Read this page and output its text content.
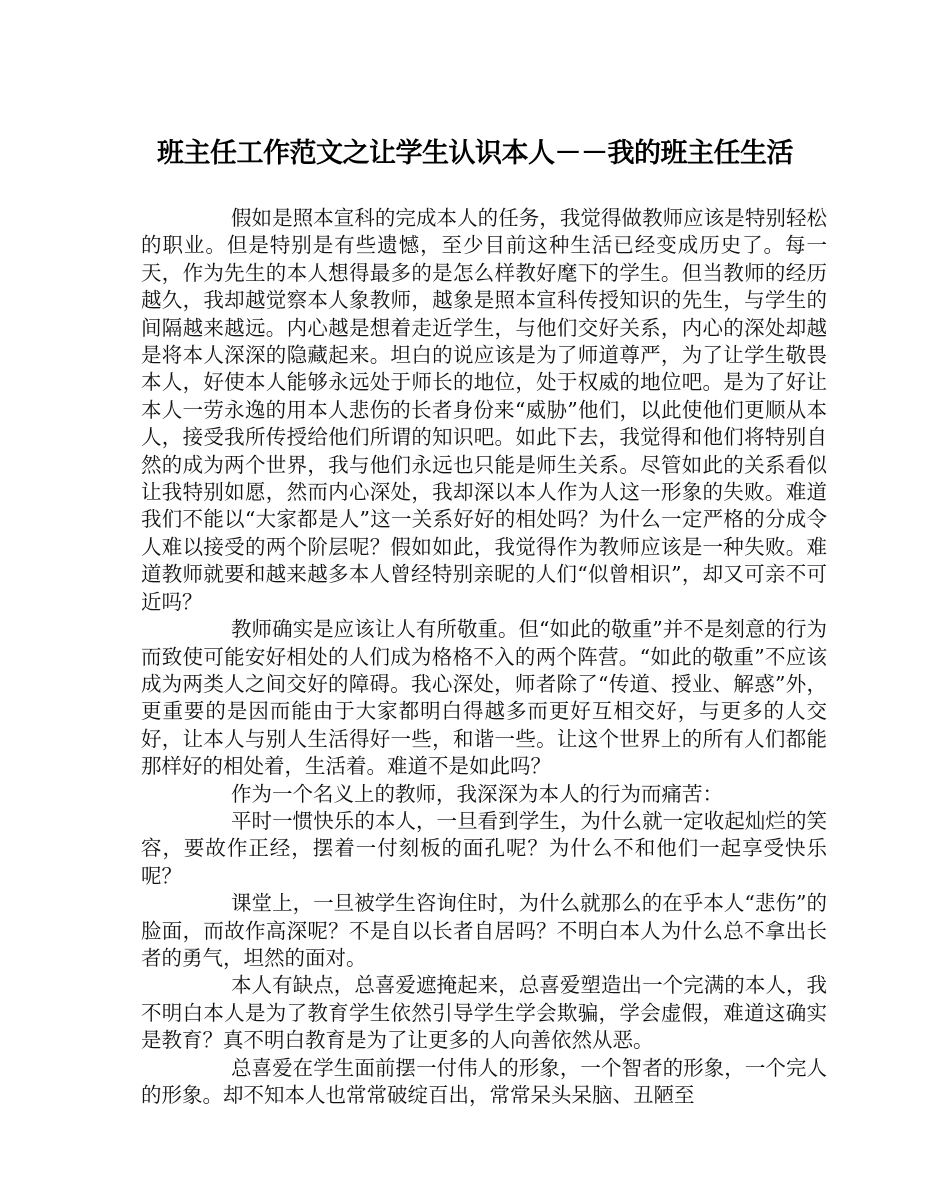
班主任工作范文之让学生认识本人－－我的班主任生活

假如是照本宣科的完成本人的任务，我觉得做教师应该是特别轻松的职业。但是特别是有些遗憾，至少目前这种生活已经变成历史了。每一天，作为先生的本人想得最多的是怎么样教好麾下的学生。但当教师的经历越久，我却越觉察本人象教师，越象是照本宣科传授知识的先生，与学生的间隔越来越远。内心越是想着走近学生，与他们交好关系，内心的深处却越是将本人深深的隐藏起来。坦白的说应该是为了师道尊严，为了让学生敬畏本人，好使本人能够永远处于师长的地位，处于权威的地位吧。是为了好让本人一劳永逸的用本人悲伤的长者身份来“威胁”他们，以此使他们更顺从本人，接受我所传授给他们所谓的知识吧。如此下去，我觉得和他们将特别自然的成为两个世界，我与他们永远也只能是师生关系。尽管如此的关系看似让我特别如愿，然而内心深处，我却深以本人作为人这一形象的失败。难道我们不能以“大家都是人”这一关系好好的相处吗？为什么一定严格的分成令人难以接受的两个阶层呢？假如如此，我觉得作为教师应该是一种失败。难道教师就要和越来越多本人曾经特别亲昵的人们“似曾相识”，却又可亲不可近吗？

教师确实是应该让人有所敬重。但“如此的敬重”并不是刻意的行为而致使可能安好相处的人们成为格格不入的两个阵营。“如此的敬重”不应该成为两类人之间交好的障碍。我心深处，师者除了“传道、授业、解惑”外，更重要的是因而能由于大家都明白得越多而更好互相交好，与更多的人交好，让本人与别人生活得好一些，和谐一些。让这个世界上的所有人们都能那样好的相处着，生活着。难道不是如此吗？

作为一个名义上的教师，我深深为本人的行为而痛苦：

平时一惯快乐的本人，一旦看到学生，为什么就一定收起灿烂的笑容，要故作正经，摆着一付刻板的面孔呢？为什么不和他们一起享受快乐呢？

课堂上，一旦被学生咨询住时，为什么就那么的在乎本人“悲伤”的脸面，而故作高深呢？不是自以长者自居吗？不明白本人为什么总不拿出长者的勇气，坦然的面对。

本人有缺点，总喜爱遮掩起来，总喜爱塑造出一个完满的本人，我不明白本人是为了教育学生依然引导学生学会欺骗，学会虚假，难道这确实是教育？真不明白教育是为了让更多的人向善依然从恶。

总喜爱在学生面前摆一付伟人的形象，一个智者的形象，一个完人的形象。却不知本人也常常破绽百出，常常呆头呆脑、丑陋至
